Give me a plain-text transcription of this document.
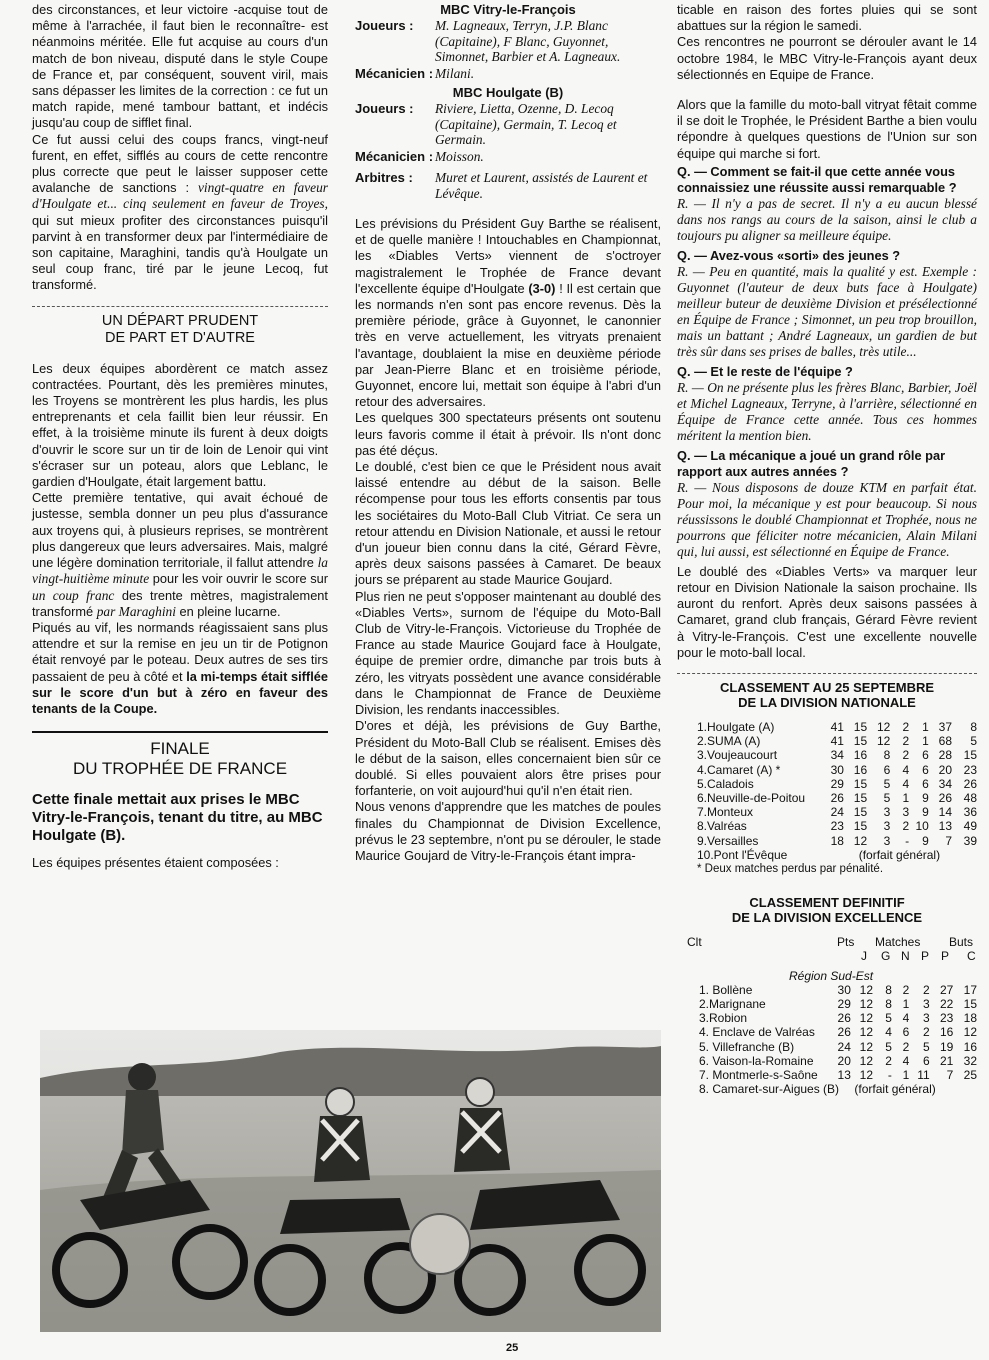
des circonstances, et leur victoire -acquise tout de même à l'arrachée, il faut bien le reconnaître- est néanmoins méritée. Elle fut acquise au cours d'un match de bon niveau, disputé dans le style Coupe de France et, par conséquent, souvent viril, mais sans dépasser les limites de la correction : ce fut un match rapide, mené tambour battant, et indécis jusqu'au coup de sifflet final.

Ce fut aussi celui des coups francs, vingt-neuf furent, en effet, sifflés au cours de cette rencontre plus correcte que peut le laisser supposer cette avalanche de sanctions : vingt-quatre en faveur d'Houlgate et... cinq seulement en faveur de Troyes, qui sut mieux profiter des circonstances puisqu'il parvint à en transformer deux par l'intermédiaire de son capitaine, Maraghini, tandis qu'à Houlgate un seul coup franc, tiré par le jeune Lecoq, fut transformé.

UN DÉPART PRUDENT
DE PART ET D'AUTRE

Les deux équipes abordèrent ce match assez contractées. Pourtant, dès les premières minutes, les Troyens se montrèrent les plus hardis, les plus entreprenants et cela faillit bien leur réussir. En effet, à la troisième minute ils furent à deux doigts d'ouvrir le score sur un tir de loin de Lenoir qui vint s'écraser sur un poteau, alors que Leblanc, le gardien d'Houlgate, était largement battu.

Cette première tentative, qui avait échoué de justesse, sembla donner un peu plus d'assurance aux troyens qui, à plusieurs reprises, se montrèrent plus dangereux que leurs adversaires. Mais, malgré une légère domination territoriale, il fallut attendre la vingt-huitième minute pour les voir ouvrir le score sur un coup franc des trente mètres, magistralement transformé par Maraghini en pleine lucarne.

Piqués au vif, les normands réagissaient sans plus attendre et sur la remise en jeu un tir de Potignon était renvoyé par le poteau. Deux autres de ses tirs passaient de peu à côté et la mi-temps était sifflée sur le score d'un but à zéro en faveur des tenants de la Coupe.

FINALE
DU TROPHÉE DE FRANCE
Cette finale mettait aux prises le MBC Vitry-le-François, tenant du titre, au MBC Houlgate (B).

Les équipes présentes étaient composées :

MBC Vitry-le-François
Joueurs :	M. Lagneaux, Terryn, J.P. Blanc (Capitaine), F Blanc, Guyonnet, Simonnet, Barbier et A. Lagneaux.
Mécanicien : Milani.
MBC Houlgate (B)
Joueurs :	Riviere, Lietta, Ozenne, D. Lecoq (Capitaine), Germain, T. Lecoq et Germain.
Mécanicien : Moisson.
Arbitres :	Muret et Laurent, assistés de Laurent et Lévêque.

Les prévisions du Président Guy Barthe se réalisent, et de quelle manière ! Intouchables en Championnat, les «Diables Verts» viennent de s'octroyer magistralement le Trophée de France devant l'excellente équipe d'Houlgate (3-0) ! Il est certain que les normands n'en sont pas encore revenus. Dès la première période, grâce à Guyonnet, le canonnier très en verve actuellement, les vitryats prenaient l'avantage, doublaient la mise en deuxième période par Jean-Pierre Blanc et en troisième période, Guyonnet, encore lui, mettait son équipe à l'abri d'un retour des adversaires.

Les quelques 300 spectateurs présents ont soutenu leurs favoris comme il était à prévoir. Ils n'ont donc pas été déçus.

Le doublé, c'est bien ce que le Président nous avait laissé entendre au début de la saison. Belle récompense pour tous les efforts consentis par tous les sociétaires du Moto-Ball Club Vitriat. Ce sera un retour attendu en Division Nationale, et aussi le retour d'un joueur bien connu dans la cité, Gérard Fèvre, après deux saisons passées à Camaret. De beaux jours se préparent au stade Maurice Goujard.

Plus rien ne peut s'opposer maintenant au doublé des «Diables Verts», surnom de l'équipe du Moto-Ball Club de Vitry-le-François. Victorieuse du Trophée de France au stade Maurice Goujard face à Houlgate, équipe de premier ordre, dimanche par trois buts à zéro, les vitryats possèdent une avance considérable dans le Championnat de France de Deuxième Division, les rendants inaccessibles.

D'ores et déjà, les prévisions de Guy Barthe, Président du Moto-Ball Club se réalisent. Emises dès le début de la saison, elles concernaient bien sûr ce doublé. Si elles pouvaient alors être prises pour forfanterie, on voit aujourd'hui qu'il n'en était rien.

Nous venons d'apprendre que les matches de poules finales du Championnat de Division Excellence, prévus le 23 septembre, n'ont pu se dérouler, le stade Maurice Goujard de Vitry-le-François étant impra-

ticable en raison des fortes pluies qui se sont abattues sur la région le samedi.

Ces rencontres ne pourront se dérouler avant le 14 octobre 1984, le MBC Vitry-le-François ayant deux sélectionnés en Equipe de France.

Alors que la famille du moto-ball vitryat fêtait comme il se doit le Trophée, le Président Barthe a bien voulu répondre à quelques questions de l'Union sur son équipe qui marche si fort.

Q. — Comment se fait-il que cette année vous connaissiez une réussite aussi remarquable ?
R. — Il n'y a pas de secret. Il n'y a eu aucun blessé dans nos rangs au cours de la saison, ainsi le club a toujours pu aligner sa meilleure équipe.
Q. — Avez-vous «sorti» des jeunes ?
R. — Peu en quantité, mais la qualité y est. Exemple : Guyonnet (l'auteur de deux buts face à Houlgate) meilleur buteur de deuxième Division et présélectionné en Équipe de France ; Simonnet, un peu trop brouillon, mais un battant ; André Lagneaux, un gardien de but très sûr dans ses prises de balles, très utile...
Q. — Et le reste de l'équipe ?
R. — On ne présente plus les frères Blanc, Barbier, Joël et Michel Lagneaux, Terryne, à l'arrière, sélectionné en Équipe de France cette année. Tous ces hommes méritent la mention bien.
Q. — La mécanique a joué un grand rôle par rapport aux autres années ?
R. — Nous disposons de douze KTM en parfait état. Pour moi, la mécanique y est pour beaucoup. Si nous réussissons le doublé Championnat et Trophée, nous ne pourrons que féliciter notre mécanicien, Alain Milani qui, lui aussi, est sélectionné en Équipe de France.

Le doublé des «Diables Verts» va marquer leur retour en Division Nationale la saison prochaine. Ils auront du renfort. Après deux saisons passées à Camaret, grand club français, Gérard Fèvre revient à Vitry-le-François. C'est une excellente nouvelle pour le moto-ball local.

CLASSEMENT AU 25 SEPTEMBRE
DE LA DIVISION NATIONALE
1.Houlgate (A)	41	15	12	2	1	37	8
2.SUMA (A)	41	15	12	2	1	68	5
3.Voujeaucourt	34	16	8	2	6	28	15
4.Camaret (A) *	30	16	6	4	6	20	23
5.Caladois	29	15	5	4	6	34	26
6.Neuville-de-Poitou	26	15	5	1	9	26	48
7.Monteux	24	15	3	3	9	14	36
8.Valréas	23	15	3	2	10	13	49
9.Versailles	18	12	3	-	9	7	39
10.Pont l'Évêque	(forfait général)
* Deux matches perdus par pénalité.
CLASSEMENT DEFINITIF
DE LA DIVISION EXCELLENCE
Clt	Pts Matches Buts
J G N P P C
Région Sud-Est
1. Bollène	30	12	8	2	2	27	17
2.Marignane	29	12	8	1	3	22	15
3.Robion	26	12	5	4	3	23	18
4. Enclave de Valréas	26	12	4	6	2	16	12
5. Villefranche (B)	24	12	5	2	5	19	16
6. Vaison-la-Romaine	20	12	2	4	6	21	32
7. Montmerle-s-Saône	13	12	-	1	11	7	25
8. Camaret-sur-Aigues (B) (forfait général)
25
